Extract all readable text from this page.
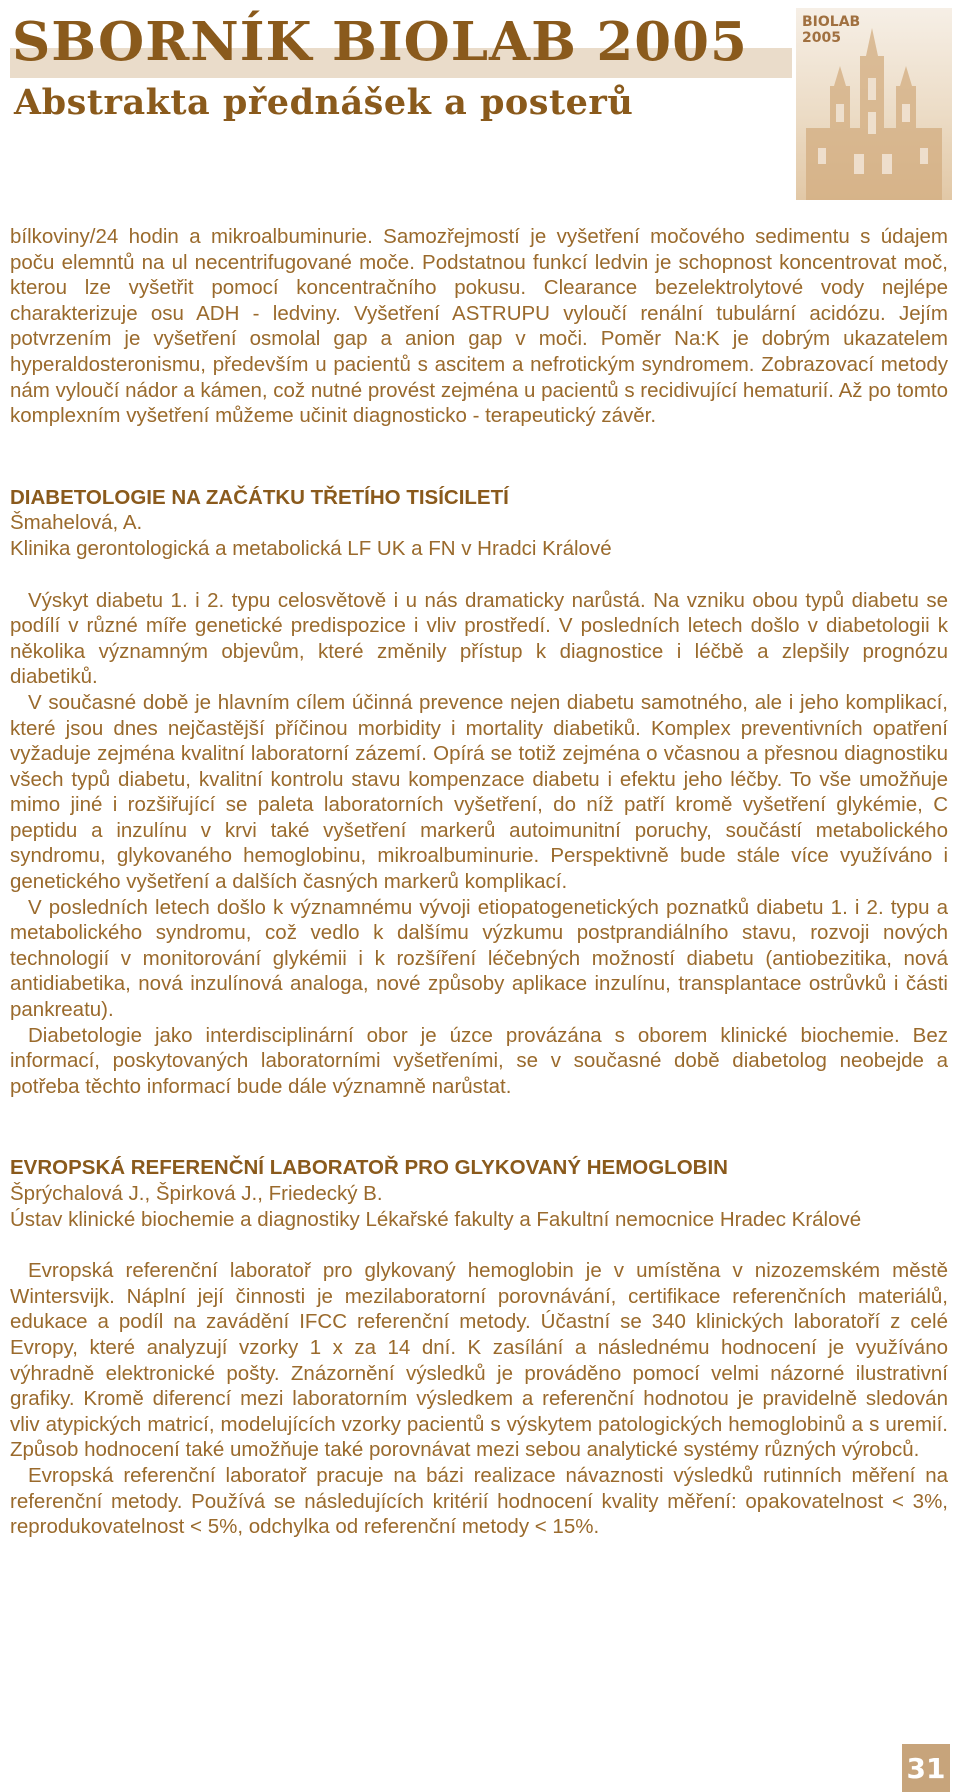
SBORNÍK BIOLAB 2005
Abstrakta přednášek a posterů
BIOLAB
2005

bílkoviny/24 hodin a mikroalbuminurie. Samozřejmostí je vyšetření močového sedimentu s údajem poču elemntů na ul necentrifugované moče. Podstatnou funkcí ledvin je schopnost koncentrovat moč, kterou lze vyšetřit pomocí koncentračního pokusu. Clearance bezelektrolytové vody nejlépe charakterizuje osu ADH - ledviny. Vyšetření ASTRUPU vyloučí renální tubulární acidózu. Jejím potvrzením je vyšetření osmolal gap a anion gap v moči. Poměr Na:K je dobrým ukazatelem hyperaldosteronismu, především u pacientů s ascitem a nefrotickým syndromem. Zobrazovací metody nám vyloučí nádor a kámen, což nutné provést zejména u pacientů s recidivující hematurií. Až po tomto komplexním vyšetření můžeme učinit diagnosticko - terapeutický závěr.

DIABETOLOGIE NA ZAČÁTKU TŘETÍHO TISÍCILETÍ

Šmahelová, A.

Klinika gerontologická a metabolická LF UK a FN v Hradci Králové

Výskyt diabetu 1. i 2. typu celosvětově i u nás dramaticky narůstá. Na vzniku obou typů diabetu se podílí v různé míře genetické predispozice i vliv prostředí. V posledních letech došlo v diabetologii k několika významným objevům, které změnily přístup k diagnostice i léčbě a zlepšily prognózu diabetiků.

V současné době je hlavním cílem účinná prevence nejen diabetu samotného, ale i jeho komplikací, které jsou dnes nejčastější příčinou morbidity i mortality diabetiků. Komplex preventivních opatření vyžaduje zejména kvalitní laboratorní zázemí. Opírá se totiž zejména o včasnou a přesnou diagnostiku všech typů diabetu, kvalitní kontrolu stavu kompenzace diabetu i efektu jeho léčby. To vše umožňuje mimo jiné i rozšiřující se paleta laboratorních vyšetření, do níž patří kromě vyšetření glykémie, C peptidu a inzulínu v krvi také vyšetření markerů autoimunitní poruchy, součástí metabolického syndromu, glykovaného hemoglobinu, mikroalbuminurie. Perspektivně bude stále více využíváno i genetického vyšetření a dalších časných markerů komplikací.

V posledních letech došlo k významnému vývoji etiopatogenetických poznatků diabetu 1. i 2. typu a metabolického syndromu, což vedlo k dalšímu výzkumu postprandiálního stavu, rozvoji nových technologií v monitorování glykémii i k rozšíření léčebných možností diabetu (antiobezitika, nová antidiabetika, nová inzulínová analoga, nové způsoby aplikace inzulínu, transplantace ostrůvků i části pankreatu).

Diabetologie jako interdisciplinární obor je úzce provázána s oborem klinické biochemie. Bez informací, poskytovaných laboratorními vyšetřeními, se v současné době diabetolog neobejde a potřeba těchto informací bude dále významně narůstat.

EVROPSKÁ REFERENČNÍ LABORATOŘ PRO GLYKOVANÝ HEMOGLOBIN

Šprýchalová J., Špirková J., Friedecký B.

Ústav klinické biochemie a diagnostiky Lékařské fakulty a Fakultní nemocnice Hradec Králové

Evropská referenční laboratoř pro glykovaný hemoglobin je v umístěna v nizozemském městě Wintersvijk. Náplní její činnosti je mezilaboratorní porovnávání, certifikace referenčních materiálů, edukace a podíl na zavádění IFCC referenční metody. Účastní se 340 klinických laboratoří z celé Evropy, které analyzují vzorky 1 x za 14 dní. K zasílání a následnému hodnocení je využíváno výhradně elektronické pošty. Znázornění výsledků je prováděno pomocí velmi názorné ilustrativní grafiky. Kromě diferencí mezi laboratorním výsledkem a referenční hodnotou je pravidelně sledován vliv atypických matricí, modelujících vzorky pacientů s výskytem patologických hemoglobinů a s uremií. Způsob hodnocení také umožňuje také porovnávat mezi sebou analytické systémy různých výrobců.

Evropská referenční laboratoř pracuje na bázi realizace návaznosti výsledků rutinních měření na referenční metody. Používá se následujících kritérií hodnocení kvality měření: opakovatelnost < 3%, reprodukovatelnost < 5%, odchylka od referenční metody < 15%.

31
